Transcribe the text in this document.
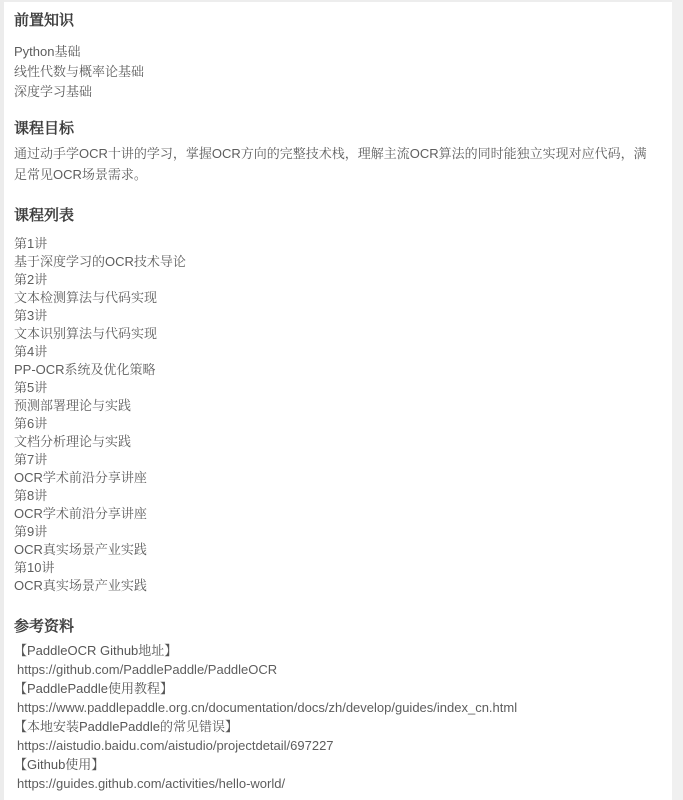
前置知识
Python基础
线性代数与概率论基础
深度学习基础
课程目标

通过动手学OCR十讲的学习，掌握OCR方向的完整技术栈，理解主流OCR算法的同时能独立实现对应代码，满足常见OCR场景需求。

课程列表
第1讲
基于深度学习的OCR技术导论
第2讲
文本检测算法与代码实现
第3讲
文本识别算法与代码实现
第4讲
PP-OCR系统及优化策略
第5讲
预测部署理论与实践
第6讲
文档分析理论与实践
第7讲
OCR学术前沿分享讲座
第8讲
OCR学术前沿分享讲座
第9讲
OCR真实场景产业实践
第10讲
OCR真实场景产业实践
参考资料
【PaddleOCR Github地址】
https://github.com/PaddlePaddle/PaddleOCR
【PaddlePaddle使用教程】
https://www.paddlepaddle.org.cn/documentation/docs/zh/develop/guides/index_cn.html
【本地安装PaddlePaddle的常见错误】
https://aistudio.baidu.com/aistudio/projectdetail/697227
【Github使用】
https://guides.github.com/activities/hello-world/
